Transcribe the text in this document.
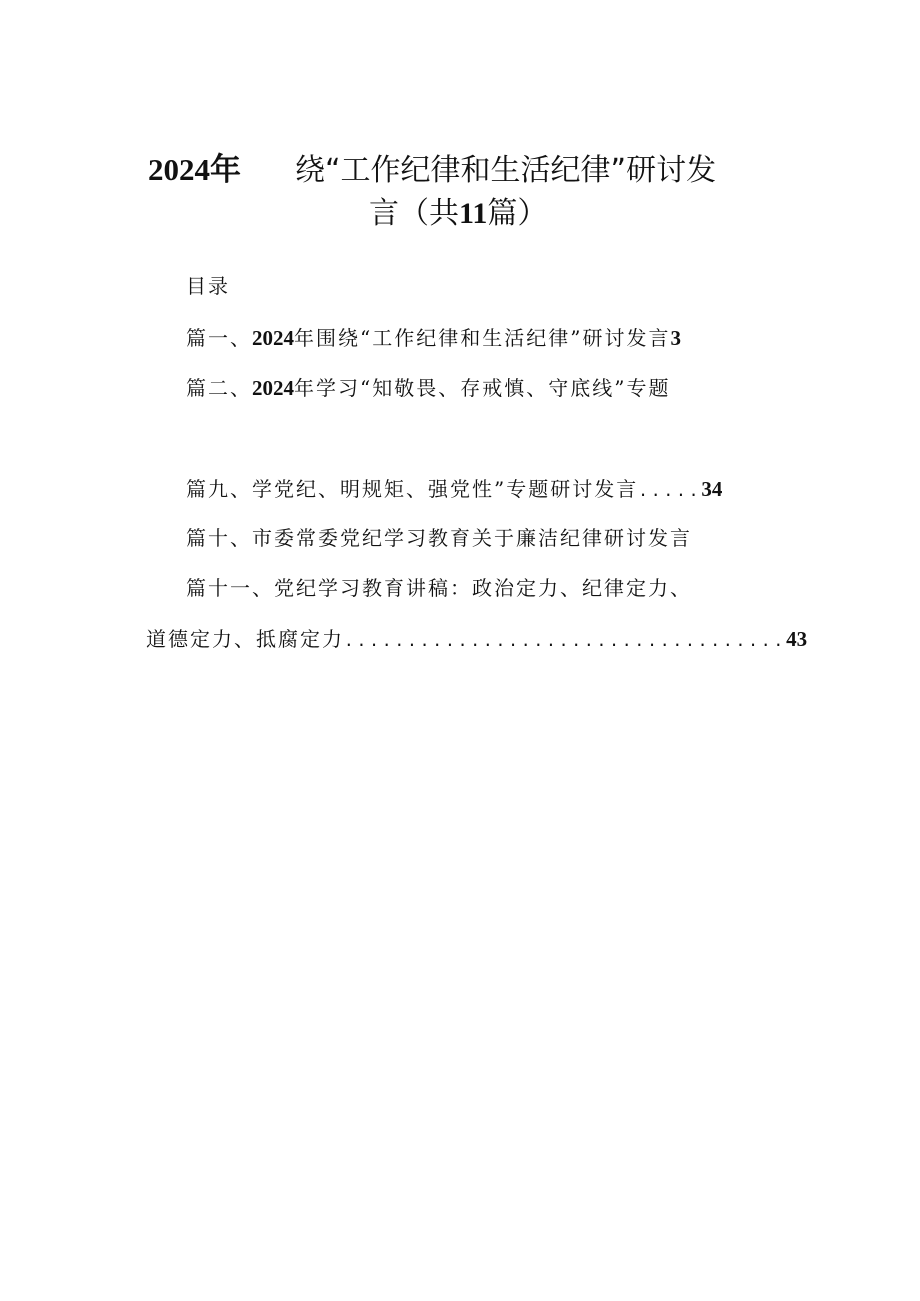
2024年 绕“工作纪律和生活纪律”研讨发
言（共11篇）
目录
篇一、2024年围绕“工作纪律和生活纪律”研讨发言3
篇二、2024年学习“知敬畏、存戒慎、守底线”专题
篇九、学党纪、明规矩、强党性”专题研讨发言.....34
篇十、市委常委党纪学习教育关于廉洁纪律研讨发言
篇十一、党纪学习教育讲稿：政治定力、纪律定力、
道德定力、抵腐定力...................................43
